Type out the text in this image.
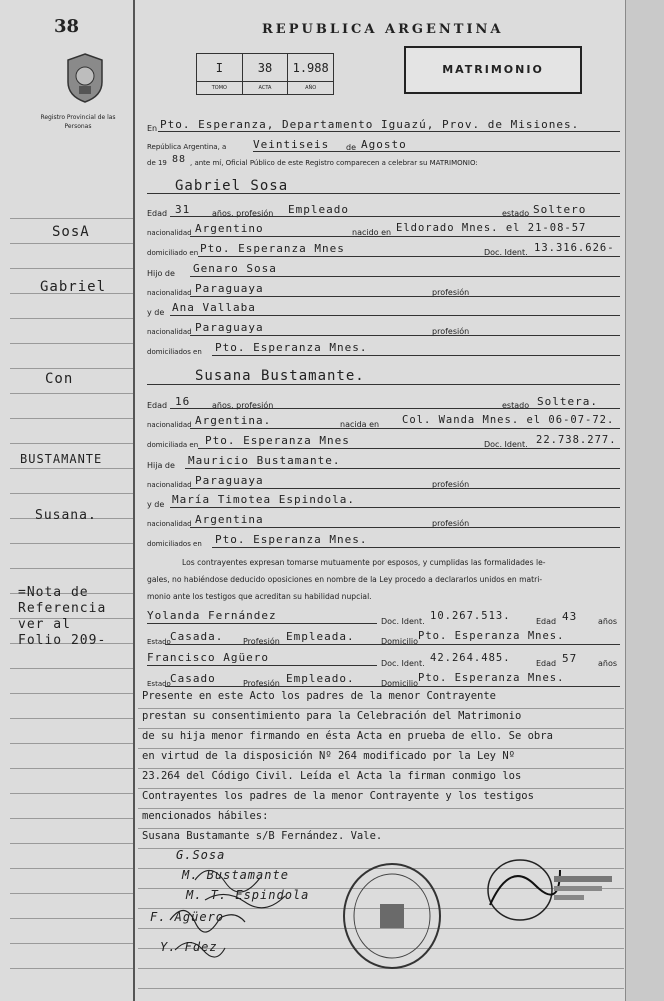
38
Registro Provincial de las Personas
REPUBLICA ARGENTINA
MATRIMONIO
I	38	1.988
TOMO	ACTA	AÑO
SosA
Gabriel
Con
BUSTAMANTE
Susana.
=Nota de
Referencia
ver al
Folio 209-
En Pto. Esperanza, Departamento Iguazú, Prov. de Misiones.
República Argentina, a Veintiseis de Agosto
de 19 88 , ante mí, Oficial Público de este Registro comparecen a celebrar su MATRIMONIO:
Gabriel Sosa
Edad 31	años, profesión Empleado	estado Soltero
nacionalidad Argentino	nacido en Eldorado Mnes. el 21-08-57
domiciliado en Pto. Esperanza Mnes	Doc. Ident. 13.316.626-
Hijo de Genaro Sosa
nacionalidad Paraguaya	profesión
y de Ana Vallaba
nacionalidad Paraguaya	profesión
domiciliados en Pto. Esperanza Mnes.
Susana Bustamante.
Edad 16	años, profesión	estado Soltera.
nacionalidad Argentina.	nacida en Col. Wanda Mnes. el 06-07-72.
domiciliada en Pto. Esperanza Mnes	Doc. Ident. 22.738.277.
Hija de Mauricio Bustamante.
nacionalidad Paraguaya	profesión
y de María Timotea Espindola.
nacionalidad Argentina	profesión
domiciliados en Pto. Esperanza Mnes.
Los contrayentes expresan tomarse mutuamente por esposos, y cumplidas las formalidades le-
gales, no habiéndose deducido oposiciones en nombre de la Ley procedo a declararlos unidos en matri-
monio ante los testigos que acreditan su habilidad nupcial.
Yolanda Fernández	Doc. Ident. 10.267.513.	Edad 43	años
Estado Casada. Profesión Empleada.	Domicilio Pto. Esperanza Mnes.
Francisco Agüero	Doc. Ident. 42.264.485.	Edad 57	años
Estado Casado	Profesión Empleado.	Domicilio Pto. Esperanza Mnes.
Presente en este Acto los padres de la menor Contrayente
prestan su consentimiento para la Celebración del Matrimonio
de su hija menor firmando en ésta Acta en prueba de ello. Se obra
en virtud de la disposición Nº 264 modificado por la Ley Nº
23.264 del Código Civil. Leída el Acta la firman conmigo los
Contrayentes los padres de la menor Contrayente y los testigos
mencionados hábiles:
Susana Bustamante s/B Fernández. Vale.
G.Sosa
M. Bustamante
M. T. Espindola
F. Agüero
Y. Fdez
